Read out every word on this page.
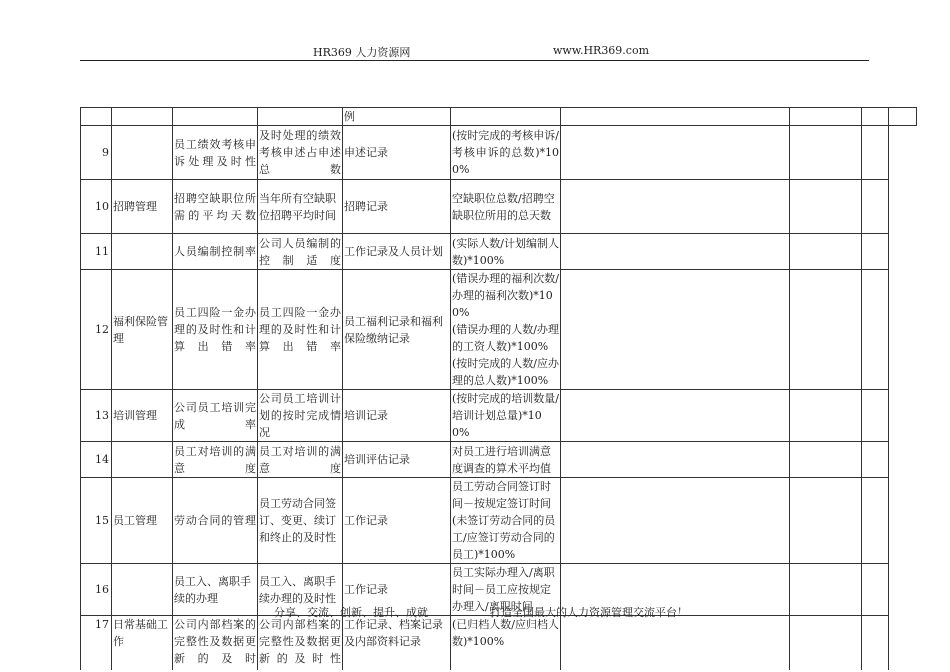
HR369 人力资源网	www.HR369.com
				例					
9		员工绩效考核申诉处理及时性	及时处理的绩效考核申述占申述总数	申述记录	(按时完成的考核申诉/考核申诉的总数)*100%				
10	招聘管理	招聘空缺职位所需的平均天数	当年所有空缺职位招聘平均时间	招聘记录	空缺职位总数/招聘空缺职位所用的总天数				
11		人员编制控制率	公司人员编制的控制适度	工作记录及人员计划	(实际人数/计划编制人数)*100%				
12	福利保险管理	员工四险一金办理的及时性和计算出错率	员工四险一金办理的及时性和计算出错率	员工福利记录和福利保险缴纳记录	(错误办理的福利次数/办理的福利次数)*100%
(错误办理的人数/办理的工资人数)*100%
(按时完成的人数/应办理的总人数)*100%				

13	培训管理	公司员工培训完成率	公司员工培训计划的按时完成情况	培训记录	(按时完成的培训数量/培训计划总量)*100%				
14		员工对培训的满意度	员工对培训的满意度	培训评估记录	对员工进行培训满意度调查的算术平均值				
15	员工管理	劳动合同的管理	员工劳动合同签订、变更、续订和终止的及时性	工作记录	员工劳动合同签订时间－按规定签订时间(未签订劳动合同的员工/应签订劳动合同的员工)*100%				
16		员工入、离职手续的办理	员工入、离职手续办理的及时性	工作记录	员工实际办理入/离职时间－员工应按规定办理入/离职时间				
17	日常基础工作	公司内部档案的完整性及数据更新的及时	公司内部档案的完整性及数据更新的及时性	工作记录、档案记录及内部资料记录	(已归档人数/应归档人数)*100%				
分享、交流、创新、提升、成就	打造全国最大的人力资源管理交流平台！
